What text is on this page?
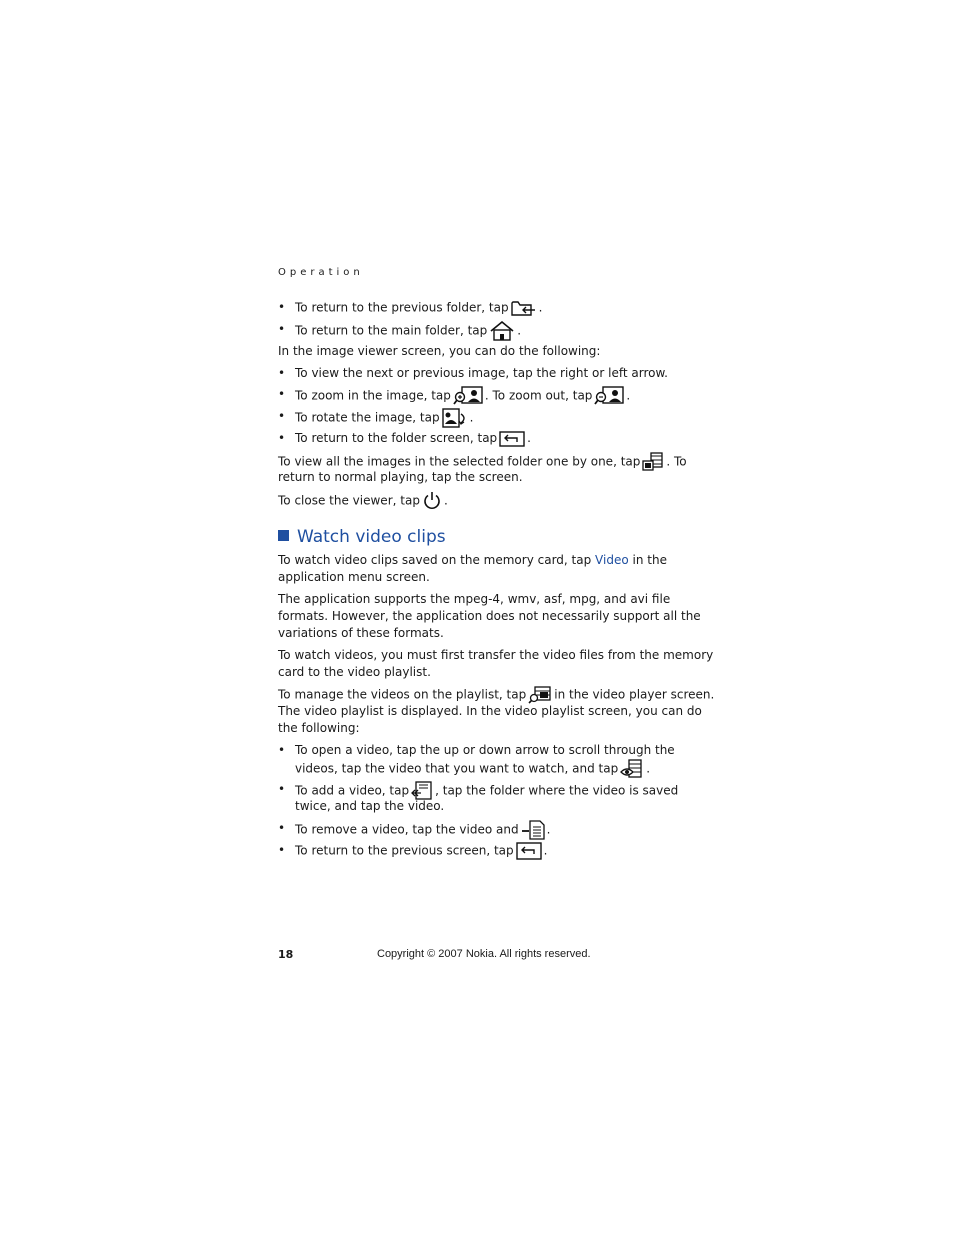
Operation
• To return to the previous folder, tap	.
• To return to the main folder, tap	.
In the image viewer screen, you can do the following:
• To view the next or previous image, tap the right or left arrow.
• To zoom in the image, tap	. To zoom out, tap	.
• To rotate the image, tap	.
• To return to the folder screen, tap	.
To view all the images in the selected folder one by one, tap . To
return to normal playing, tap the screen.
To close the viewer, tap .
Watch video clips
To watch video clips saved on the memory card, tap Video in the
application menu screen.
The application supports the mpeg-4, wmv, asf, mpg, and avi file
formats. However, the application does not necessarily support all the
variations of these formats.
To watch videos, you must first transfer the video files from the memory
card to the video playlist.
To manage the videos on the playlist, tap in the video player screen.
The video playlist is displayed. In the video playlist screen, you can do
the following:
• To open a video, tap the up or down arrow to scroll through the
videos, tap the video that you want to watch, and tap .
• To add a video, tap , tap the folder where the video is saved
twice, and tap the video.
• To remove a video, tap the video and .
• To return to the previous screen, tap	.
18	Copyright © 2007 Nokia. All rights reserved.
